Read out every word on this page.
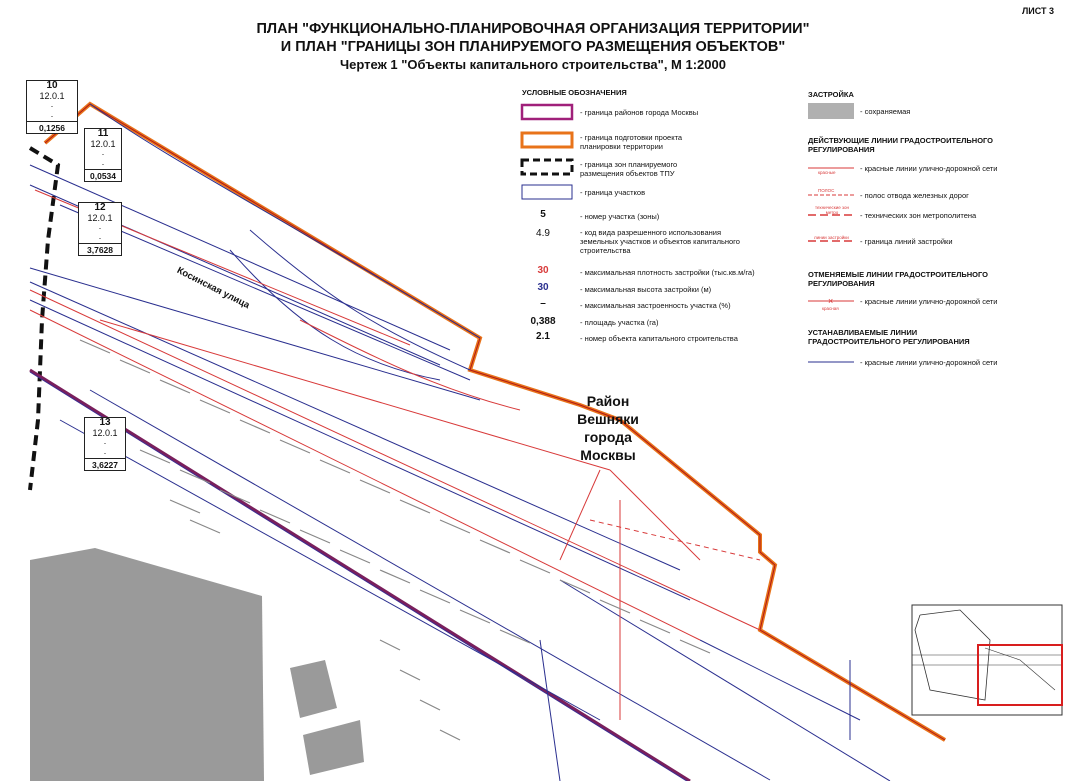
×
ЛИСТ 3
ПЛАН "ФУНКЦИОНАЛЬНО-ПЛАНИРОВОЧНАЯ ОРГАНИЗАЦИЯ ТЕРРИТОРИИ"
И ПЛАН "ГРАНИЦЫ ЗОН ПЛАНИРУЕМОГО РАЗМЕЩЕНИЯ ОБЪЕКТОВ"
Чертеж 1 "Объекты капитального строительства", М 1:2000
10
12.0.1
·
·
0,1256	11
12.0.1
·
·
0,0534
12
12.0.1
·
·
3,7628
13
12.0.1
·
·
3,6227
Косинская улица
Район Вешняки
города Москвы
УСЛОВНЫЕ ОБОЗНАЧЕНИЯ
- граница районов города Москвы
- граница подготовки проекта планировки территории
- граница зон планируемого размещения объектов ТПУ
- граница участков
5	- номер участка (зоны)
4.9	- код вида разрешенного использования земельных участков и объектов капитального строительства
30	- максимальная плотность застройки (тыс.кв.м/га)
30	- максимальная высота застройки (м)
–	- максимальная застроенность участка (%)
0,388	- площадь участка (га)
2.1	- номер объекта капитального строительства
ЗАСТРОЙКА
- сохраняемая
ДЕЙСТВУЮЩИЕ ЛИНИИ ГРАДОСТРОИТЕЛЬНОГО РЕГУЛИРОВАНИЯ
красные	- красные линии улично-дорожной сети
ПОЛОС
- полос отвода железных дорог
технические зон метро	- технических зон метрополитена
линии застройки - границa линий застройки
ОТМЕНЯЕМЫЕ ЛИНИИ ГРАДОСТРОИТЕЛЬНОГО РЕГУЛИРОВАНИЯ
красная
- красные линии улично-дорожной сети
УСТАНАВЛИВАЕМЫЕ ЛИНИИ ГРАДОСТРОИТЕЛЬНОГО РЕГУЛИРОВАНИЯ
- красные линии улично-дорожной сети
